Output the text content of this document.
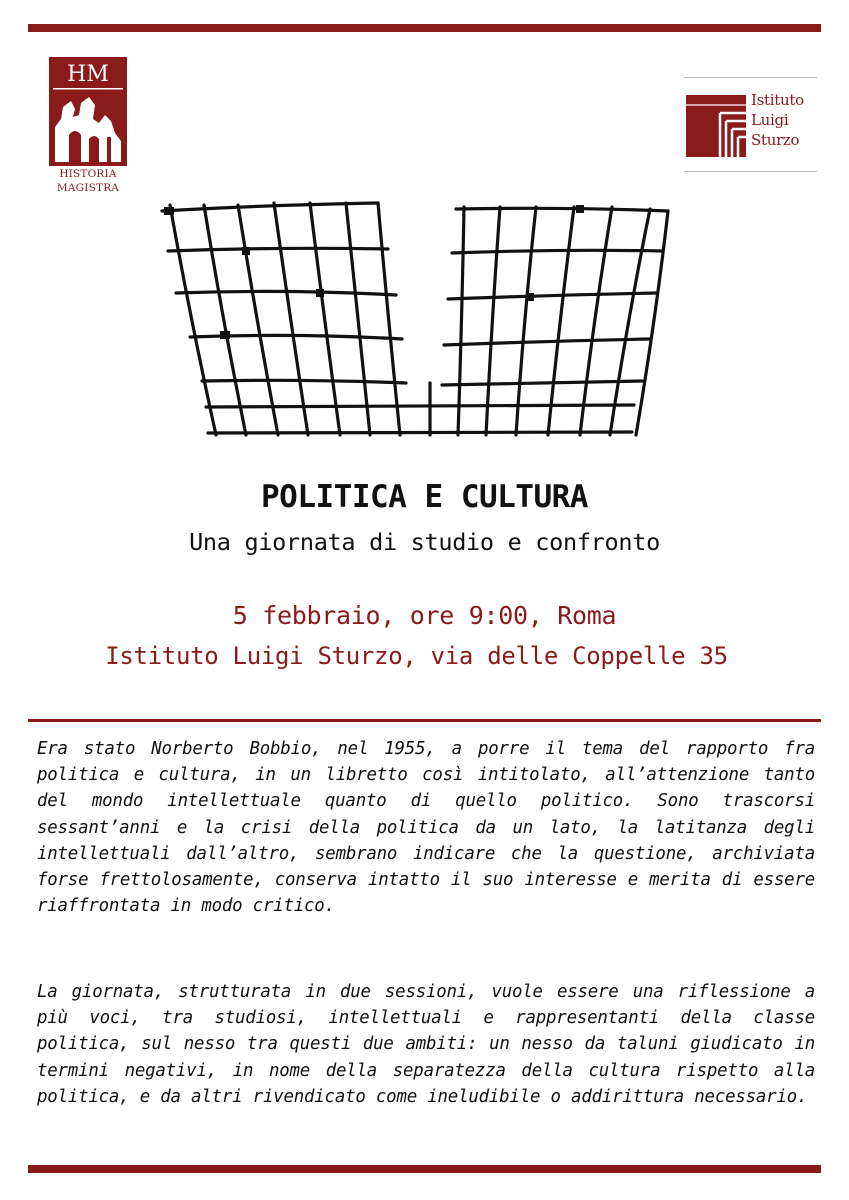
HM
HISTORIA
MAGISTRA
Istituto
Luigi
Sturzo
POLITICA E CULTURA
Una giornata di studio e confronto
5 febbraio, ore 9:00, Roma
Istituto Luigi Sturzo, via delle Coppelle 35
Era stato Norberto Bobbio, nel 1955, a porre il tema del rapporto fra politica e cultura, in un libretto così intitolato, all’attenzione tanto del mondo intellettuale quanto di quello politico. Sono trascorsi sessant’anni e la crisi della politica da un lato, la latitanza degli intellettuali dall’altro, sembrano indicare che la questione, archiviata forse frettolosamente, conserva intatto il suo interesse e merita di essere riaffrontata in modo critico.
La giornata, strutturata in due sessioni, vuole essere una riflessione a più voci, tra studiosi, intellettuali e rappresentanti della classe politica, sul nesso tra questi due ambiti: un nesso da taluni giudicato in termini negativi, in nome della separatezza della cultura rispetto alla politica, e da altri rivendicato come ineludibile o addirittura necessario.
